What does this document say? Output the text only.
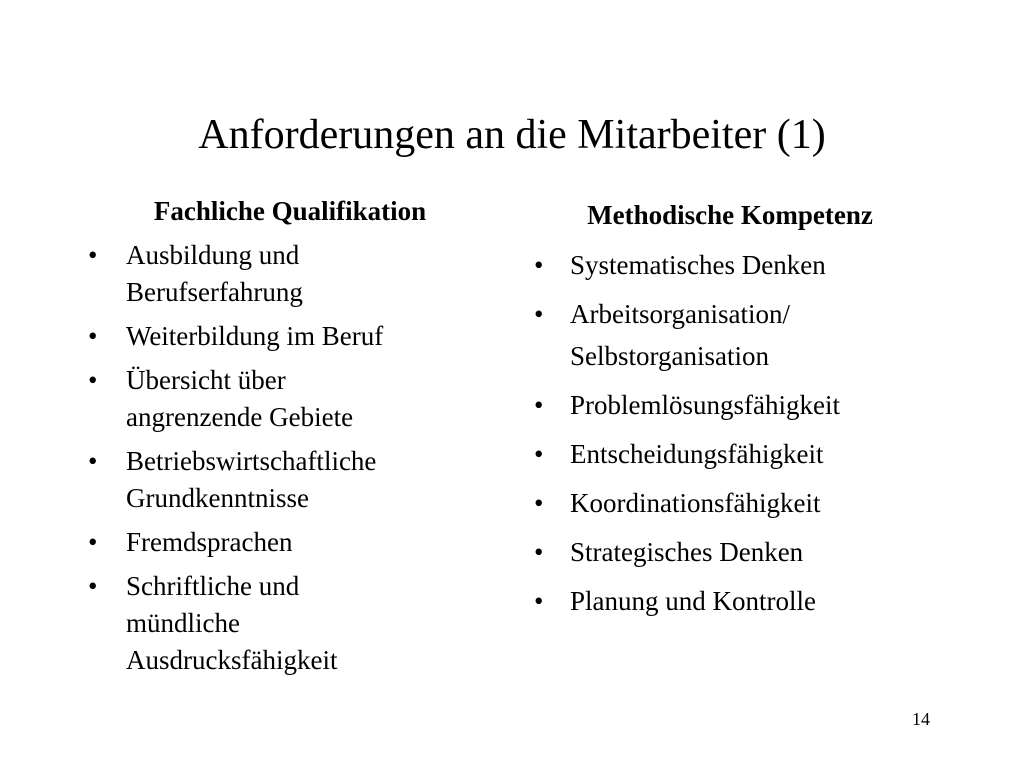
Anforderungen an die Mitarbeiter (1)
Fachliche Qualifikation
• Ausbildung und
Berufserfahrung
• Weiterbildung im Beruf
• Übersicht über
angrenzende Gebiete
• Betriebswirtschaftliche
Grundkenntnisse
• Fremdsprachen
• Schriftliche und
mündliche
Ausdrucksfähigkeit
Methodische Kompetenz
• Systematisches Denken
• Arbeitsorganisation/
Selbstorganisation
• Problemlösungsfähigkeit
• Entscheidungsfähigkeit
• Koordinationsfähigkeit
• Strategisches Denken
• Planung und Kontrolle
14
